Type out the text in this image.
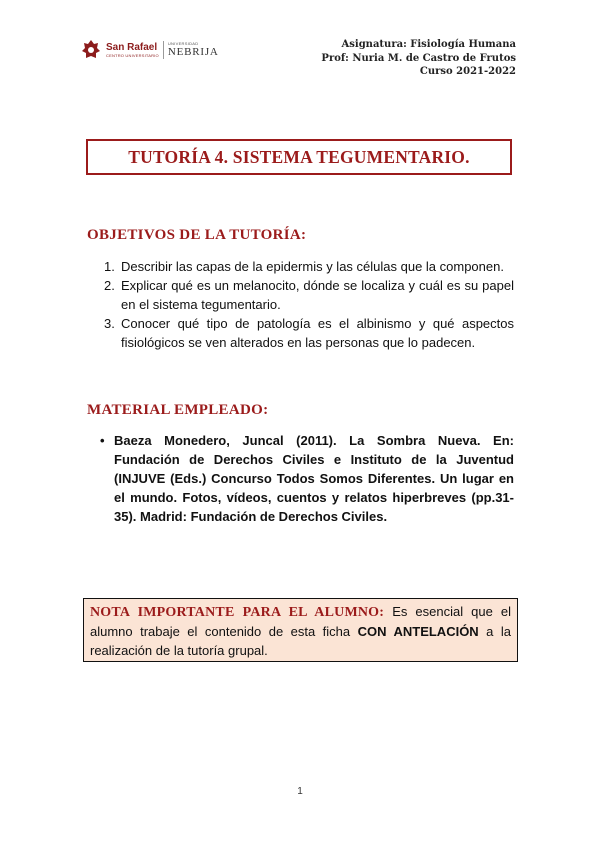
San Rafael
CENTRO UNIVERSITARIO
UNIVERSIDAD
NEBRIJA
Asignatura: Fisiología Humana
Prof: Nuria M. de Castro de Frutos
Curso 2021-2022
TUTORÍA 4. SISTEMA TEGUMENTARIO.
OBJETIVOS DE LA TUTORÍA:
1. Describir las capas de la epidermis y las células que la componen.
2. Explicar qué es un melanocito, dónde se localiza y cuál es su papel en el sistema tegumentario.
3. Conocer qué tipo de patología es el albinismo y qué aspectos fisiológicos se ven alterados en las personas que lo padecen.
MATERIAL EMPLEADO:
• Baeza Monedero, Juncal (2011). La Sombra Nueva. En: Fundación de Derechos Civiles e Instituto de la Juventud (INJUVE (Eds.) Concurso Todos Somos Diferentes. Un lugar en el mundo. Fotos, vídeos, cuentos y relatos hiperbreves (pp.31-35). Madrid: Fundación de Derechos Civiles.

NOTA IMPORTANTE PARA EL ALUMNO: Es esencial que el alumno trabaje el contenido de esta ficha CON ANTELACIÓN a la realización de la tutoría grupal.

1
